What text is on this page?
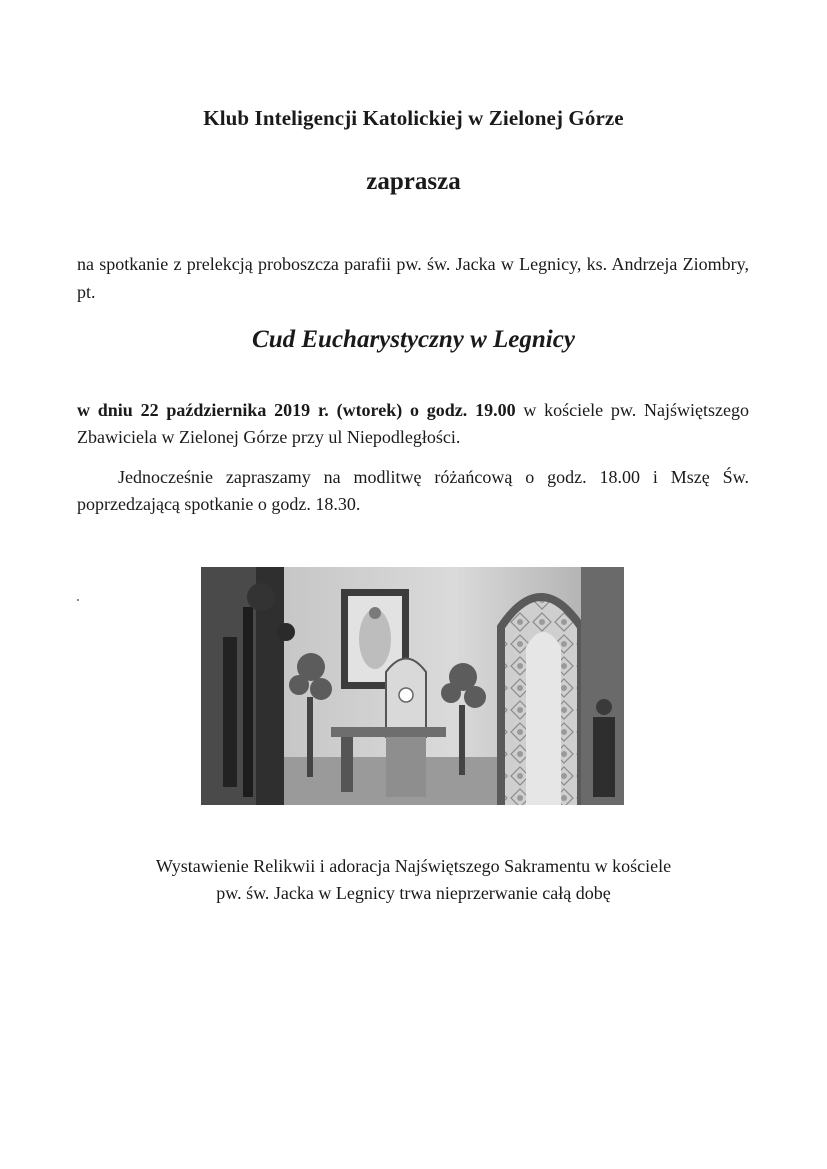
Klub Inteligencji Katolickiej w Zielonej Górze
zaprasza
na spotkanie z prelekcją proboszcza parafii pw. św. Jacka w Legnicy, ks. Andrzeja Ziombry, pt.
Cud Eucharystyczny w Legnicy
w dniu 22 października 2019 r. (wtorek) o godz. 19.00 w kościele pw. Najświętszego Zbawiciela w Zielonej Górze przy ul Niepodległości.
Jednocześnie zapraszamy na modlitwę różańcową o godz. 18.00 i Mszę Św. poprzedzającą spotkanie o godz. 18.30.
Wystawienie Relikwii i adoracja Najświętszego Sakramentu w kościele
pw. św. Jacka w Legnicy trwa nieprzerwanie całą dobę
